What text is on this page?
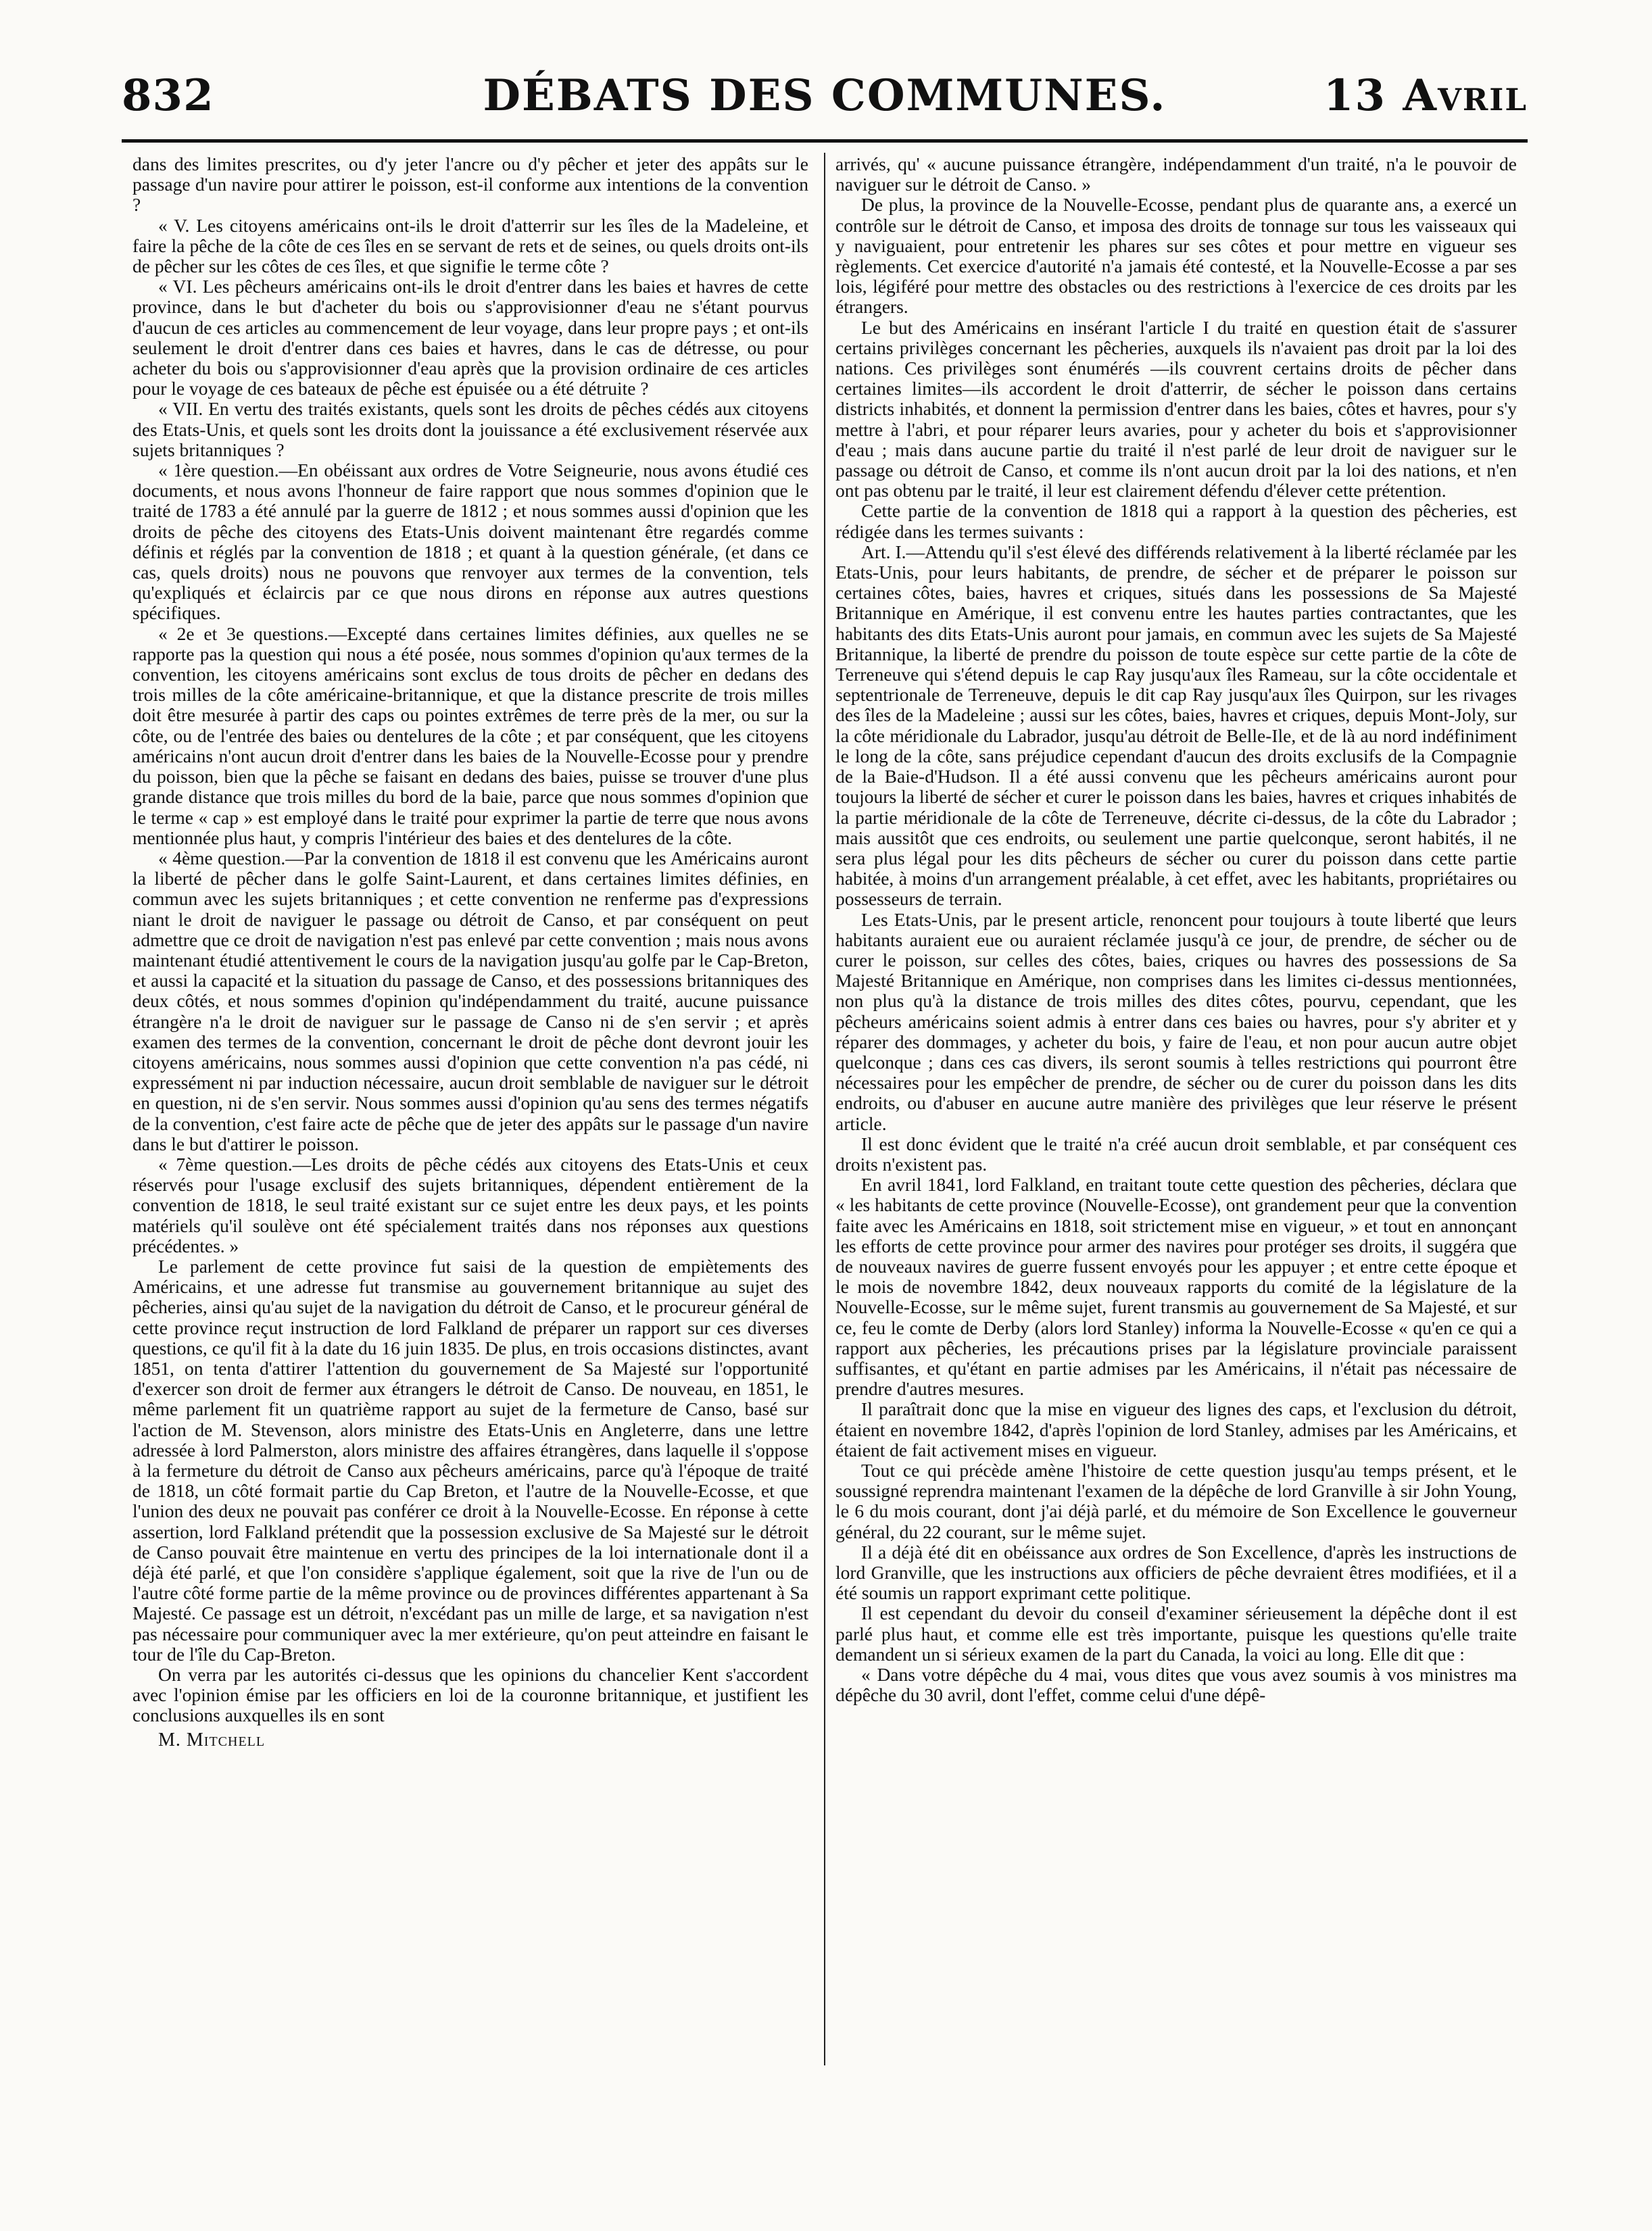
832	DÉBATS DES COMMUNES.	13 Avril

dans des limites prescrites, ou d'y jeter l'ancre ou d'y pêcher et jeter des appâts sur le passage d'un navire pour attirer le poisson, est-il conforme aux intentions de la convention ?

« V. Les citoyens américains ont-ils le droit d'atterrir sur les îles de la Madeleine, et faire la pêche de la côte de ces îles en se servant de rets et de seines, ou quels droits ont-ils de pêcher sur les côtes de ces îles, et que signifie le terme côte ?

« VI. Les pêcheurs américains ont-ils le droit d'entrer dans les baies et havres de cette province, dans le but d'acheter du bois ou s'approvisionner d'eau ne s'étant pourvus d'aucun de ces articles au commencement de leur voyage, dans leur propre pays ; et ont-ils seulement le droit d'entrer dans ces baies et havres, dans le cas de détresse, ou pour acheter du bois ou s'approvisionner d'eau après que la provision ordinaire de ces articles pour le voyage de ces bateaux de pêche est épuisée ou a été détruite ?

« VII. En vertu des traités existants, quels sont les droits de pêches cédés aux citoyens des Etats-Unis, et quels sont les droits dont la jouissance a été exclusivement réservée aux sujets britanniques ?

« 1ère question.—En obéissant aux ordres de Votre Seigneurie, nous avons étudié ces documents, et nous avons l'honneur de faire rapport que nous sommes d'opinion que le traité de 1783 a été annulé par la guerre de 1812 ; et nous sommes aussi d'opinion que les droits de pêche des citoyens des Etats-Unis doivent maintenant être regardés comme définis et réglés par la convention de 1818 ; et quant à la question générale, (et dans ce cas, quels droits) nous ne pouvons que renvoyer aux termes de la convention, tels qu'expliqués et éclaircis par ce que nous dirons en réponse aux autres questions spécifiques.

« 2e et 3e questions.—Excepté dans certaines limites définies, aux quelles ne se rapporte pas la question qui nous a été posée, nous sommes d'opinion qu'aux termes de la convention, les citoyens américains sont exclus de tous droits de pêcher en dedans des trois milles de la côte américaine-britannique, et que la distance prescrite de trois milles doit être mesurée à partir des caps ou pointes extrêmes de terre près de la mer, ou sur la côte, ou de l'entrée des baies ou dentelures de la côte ; et par conséquent, que les citoyens américains n'ont aucun droit d'entrer dans les baies de la Nouvelle-Ecosse pour y prendre du poisson, bien que la pêche se faisant en dedans des baies, puisse se trouver d'une plus grande distance que trois milles du bord de la baie, parce que nous sommes d'opinion que le terme « cap » est employé dans le traité pour exprimer la partie de terre que nous avons mentionnée plus haut, y compris l'intérieur des baies et des dentelures de la côte.

« 4ème question.—Par la convention de 1818 il est convenu que les Américains auront la liberté de pêcher dans le golfe Saint-Laurent, et dans certaines limites définies, en commun avec les sujets britanniques ; et cette convention ne renferme pas d'expressions niant le droit de naviguer le passage ou détroit de Canso, et par conséquent on peut admettre que ce droit de navigation n'est pas enlevé par cette convention ; mais nous avons maintenant étudié attentivement le cours de la navigation jusqu'au golfe par le Cap-Breton, et aussi la capacité et la situation du passage de Canso, et des possessions britanniques des deux côtés, et nous sommes d'opinion qu'indépendamment du traité, aucune puissance étrangère n'a le droit de naviguer sur le passage de Canso ni de s'en servir ; et après examen des termes de la convention, concernant le droit de pêche dont devront jouir les citoyens américains, nous sommes aussi d'opinion que cette convention n'a pas cédé, ni expressément ni par induction nécessaire, aucun droit semblable de naviguer sur le détroit en question, ni de s'en servir. Nous sommes aussi d'opinion qu'au sens des termes négatifs de la convention, c'est faire acte de pêche que de jeter des appâts sur le passage d'un navire dans le but d'attirer le poisson.

« 7ème question.—Les droits de pêche cédés aux citoyens des Etats-Unis et ceux réservés pour l'usage exclusif des sujets britanniques, dépendent entièrement de la convention de 1818, le seul traité existant sur ce sujet entre les deux pays, et les points matériels qu'il soulève ont été spécialement traités dans nos réponses aux questions précédentes. »

Le parlement de cette province fut saisi de la question de empiètements des Américains, et une adresse fut transmise au gouvernement britannique au sujet des pêcheries, ainsi qu'au sujet de la navigation du détroit de Canso, et le procureur général de cette province reçut instruction de lord Falkland de préparer un rapport sur ces diverses questions, ce qu'il fit à la date du 16 juin 1835. De plus, en trois occasions distinctes, avant 1851, on tenta d'attirer l'attention du gouvernement de Sa Majesté sur l'opportunité d'exercer son droit de fermer aux étrangers le détroit de Canso. De nouveau, en 1851, le même parlement fit un quatrième rapport au sujet de la fermeture de Canso, basé sur l'action de M. Stevenson, alors ministre des Etats-Unis en Angleterre, dans une lettre adressée à lord Palmerston, alors ministre des affaires étrangères, dans laquelle il s'oppose à la fermeture du détroit de Canso aux pêcheurs américains, parce qu'à l'époque de traité de 1818, un côté formait partie du Cap Breton, et l'autre de la Nouvelle-Ecosse, et que l'union des deux ne pouvait pas conférer ce droit à la Nouvelle-Ecosse. En réponse à cette assertion, lord Falkland prétendit que la possession exclusive de Sa Majesté sur le détroit de Canso pouvait être maintenue en vertu des principes de la loi internationale dont il a déjà été parlé, et que l'on considère s'applique également, soit que la rive de l'un ou de l'autre côté forme partie de la même province ou de provinces différentes appartenant à Sa Majesté. Ce passage est un détroit, n'excédant pas un mille de large, et sa navigation n'est pas nécessaire pour communiquer avec la mer extérieure, qu'on peut atteindre en faisant le tour de l'île du Cap-Breton.

On verra par les autorités ci-dessus que les opinions du chancelier Kent s'accordent avec l'opinion émise par les officiers en loi de la couronne britannique, et justifient les conclusions auxquelles ils en sont

M. Mitchell

arrivés, qu' « aucune puissance étrangère, indépendamment d'un traité, n'a le pouvoir de naviguer sur le détroit de Canso. »

De plus, la province de la Nouvelle-Ecosse, pendant plus de quarante ans, a exercé un contrôle sur le détroit de Canso, et imposa des droits de tonnage sur tous les vaisseaux qui y naviguaient, pour entretenir les phares sur ses côtes et pour mettre en vigueur ses règlements. Cet exercice d'autorité n'a jamais été contesté, et la Nouvelle-Ecosse a par ses lois, légiféré pour mettre des obstacles ou des restrictions à l'exercice de ces droits par les étrangers.

Le but des Américains en insérant l'article I du traité en question était de s'assurer certains privilèges concernant les pêcheries, auxquels ils n'avaient pas droit par la loi des nations. Ces privilèges sont énumérés —ils couvrent certains droits de pêcher dans certaines limites—ils accordent le droit d'atterrir, de sécher le poisson dans certains districts inhabités, et donnent la permission d'entrer dans les baies, côtes et havres, pour s'y mettre à l'abri, et pour réparer leurs avaries, pour y acheter du bois et s'approvisionner d'eau ; mais dans aucune partie du traité il n'est parlé de leur droit de naviguer sur le passage ou détroit de Canso, et comme ils n'ont aucun droit par la loi des nations, et n'en ont pas obtenu par le traité, il leur est clairement défendu d'élever cette prétention.

Cette partie de la convention de 1818 qui a rapport à la question des pêcheries, est rédigée dans les termes suivants :

Art. I.—Attendu qu'il s'est élevé des différends relativement à la liberté réclamée par les Etats-Unis, pour leurs habitants, de prendre, de sécher et de préparer le poisson sur certaines côtes, baies, havres et criques, situés dans les possessions de Sa Majesté Britannique en Amérique, il est convenu entre les hautes parties contractantes, que les habitants des dits Etats-Unis auront pour jamais, en commun avec les sujets de Sa Majesté Britannique, la liberté de prendre du poisson de toute espèce sur cette partie de la côte de Terreneuve qui s'étend depuis le cap Ray jusqu'aux îles Rameau, sur la côte occidentale et septentrionale de Terreneuve, depuis le dit cap Ray jusqu'aux îles Quirpon, sur les rivages des îles de la Madeleine ; aussi sur les côtes, baies, havres et criques, depuis Mont-Joly, sur la côte méridionale du Labrador, jusqu'au détroit de Belle-Ile, et de là au nord indéfiniment le long de la côte, sans préjudice cependant d'aucun des droits exclusifs de la Compagnie de la Baie-d'Hudson. Il a été aussi convenu que les pêcheurs américains auront pour toujours la liberté de sécher et curer le poisson dans les baies, havres et criques inhabités de la partie méridionale de la côte de Terreneuve, décrite ci-dessus, de la côte du Labrador ; mais aussitôt que ces endroits, ou seulement une partie quelconque, seront habités, il ne sera plus légal pour les dits pêcheurs de sécher ou curer du poisson dans cette partie habitée, à moins d'un arrangement préalable, à cet effet, avec les habitants, propriétaires ou possesseurs de terrain.

Les Etats-Unis, par le present article, renoncent pour toujours à toute liberté que leurs habitants auraient eue ou auraient réclamée jusqu'à ce jour, de prendre, de sécher ou de curer le poisson, sur celles des côtes, baies, criques ou havres des possessions de Sa Majesté Britannique en Amérique, non comprises dans les limites ci-dessus mentionnées, non plus qu'à la distance de trois milles des dites côtes, pourvu, cependant, que les pêcheurs américains soient admis à entrer dans ces baies ou havres, pour s'y abriter et y réparer des dommages, y acheter du bois, y faire de l'eau, et non pour aucun autre objet quelconque ; dans ces cas divers, ils seront soumis à telles restrictions qui pourront être nécessaires pour les empêcher de prendre, de sécher ou de curer du poisson dans les dits endroits, ou d'abuser en aucune autre manière des privilèges que leur réserve le présent article.

Il est donc évident que le traité n'a créé aucun droit semblable, et par conséquent ces droits n'existent pas.

En avril 1841, lord Falkland, en traitant toute cette question des pêcheries, déclara que « les habitants de cette province (Nouvelle-Ecosse), ont grandement peur que la convention faite avec les Américains en 1818, soit strictement mise en vigueur, » et tout en annonçant les efforts de cette province pour armer des navires pour protéger ses droits, il suggéra que de nouveaux navires de guerre fussent envoyés pour les appuyer ; et entre cette époque et le mois de novembre 1842, deux nouveaux rapports du comité de la législature de la Nouvelle-Ecosse, sur le même sujet, furent transmis au gouvernement de Sa Majesté, et sur ce, feu le comte de Derby (alors lord Stanley) informa la Nouvelle-Ecosse « qu'en ce qui a rapport aux pêcheries, les précautions prises par la législature provinciale paraissent suffisantes, et qu'étant en partie admises par les Américains, il n'était pas nécessaire de prendre d'autres mesures.

Il paraîtrait donc que la mise en vigueur des lignes des caps, et l'exclusion du détroit, étaient en novembre 1842, d'après l'opinion de lord Stanley, admises par les Américains, et étaient de fait activement mises en vigueur.

Tout ce qui précède amène l'histoire de cette question jusqu'au temps présent, et le soussigné reprendra maintenant l'examen de la dépêche de lord Granville à sir John Young, le 6 du mois courant, dont j'ai déjà parlé, et du mémoire de Son Excellence le gouverneur général, du 22 courant, sur le même sujet.

Il a déjà été dit en obéissance aux ordres de Son Excellence, d'après les instructions de lord Granville, que les instructions aux officiers de pêche devraient êtres modifiées, et il a été soumis un rapport exprimant cette politique.

Il est cependant du devoir du conseil d'examiner sérieusement la dépêche dont il est parlé plus haut, et comme elle est très importante, puisque les questions qu'elle traite demandent un si sérieux examen de la part du Canada, la voici au long. Elle dit que :

« Dans votre dépêche du 4 mai, vous dites que vous avez soumis à vos ministres ma dépêche du 30 avril, dont l'effet, comme celui d'une dépê-
